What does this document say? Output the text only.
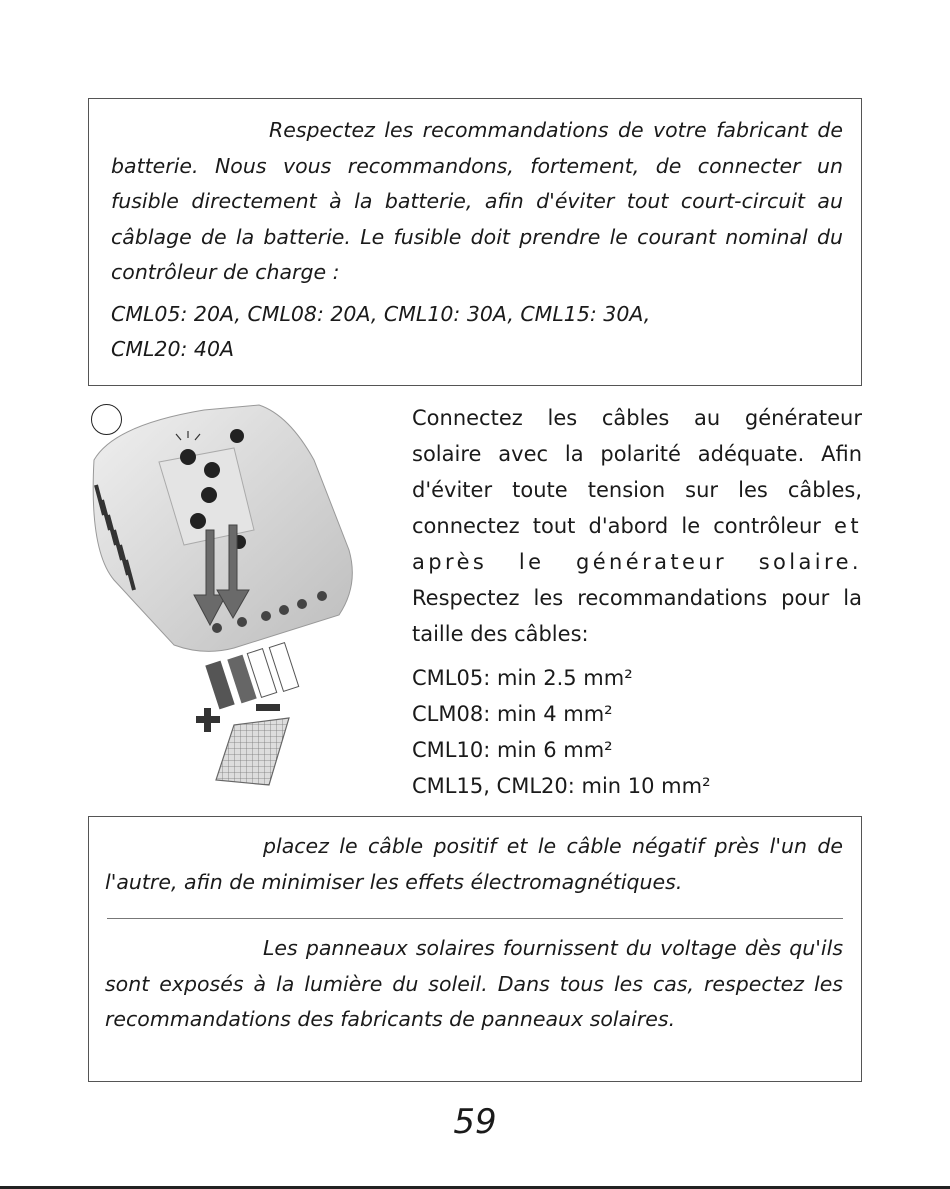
Respectez les recommandations de votre fabricant de batterie. Nous vous recommandons, fortement, de connecter un fusible directement à la batterie, afin d'éviter tout court-circuit au câblage de la batterie. Le fusible doit prendre le courant nominal du contrôleur de charge :

CML05: 20A, CML08: 20A, CML10: 30A, CML15: 30A,
CML20: 40A

Connectez les câbles au générateur solaire avec la polarité adéquate. Afin d'éviter toute tension sur les câbles, connectez tout d'abord le contrôleur et après le générateur solaire. Respectez les recommandations pour la taille des câbles:

CML05: min 2.5 mm²
CLM08: min 4 mm²
CML10: min 6 mm²
CML15, CML20: min 10 mm²

placez le câble positif et le câble négatif près l'un de l'autre, afin de minimiser les effets électromagnétiques.

Les panneaux solaires fournissent du voltage dès qu'ils sont exposés à la lumière du soleil. Dans tous les cas, respectez les recommandations des fabricants de panneaux solaires.

59
